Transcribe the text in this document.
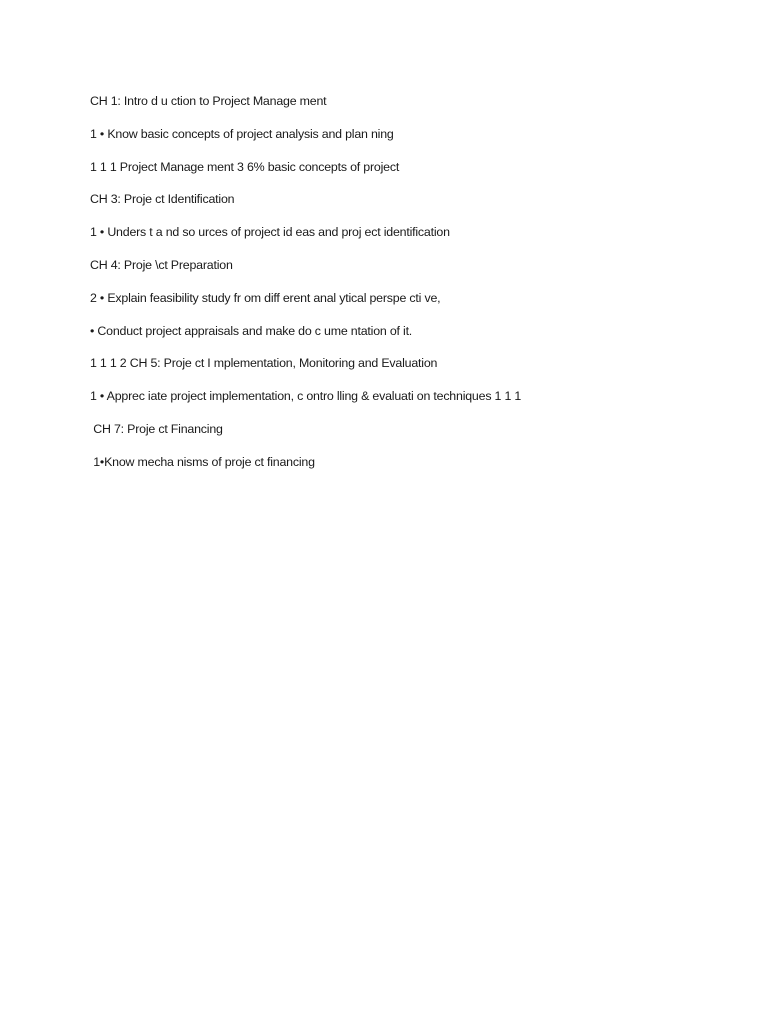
CH 1: Intro d u ction to Project Manage ment

1 • Know basic concepts of project analysis and plan ning

1 1 1 Project Manage ment 3 6% basic concepts of project

CH 3: Proje ct Identification

1 • Unders t a nd so urces of project id eas and proj ect identification

CH 4: Proje \ct Preparation

2 • Explain feasibility study fr om diff erent anal ytical perspe cti ve,

• Conduct project appraisals and make do c ume ntation of it.

1 1 1 2 CH 5: Proje ct I mplementation, Monitoring and Evaluation

1 • Apprec iate project implementation, c ontro lling & evaluati on techniques 1 1 1

CH 7: Proje ct Financing

1•Know mecha nisms of proje ct financing
